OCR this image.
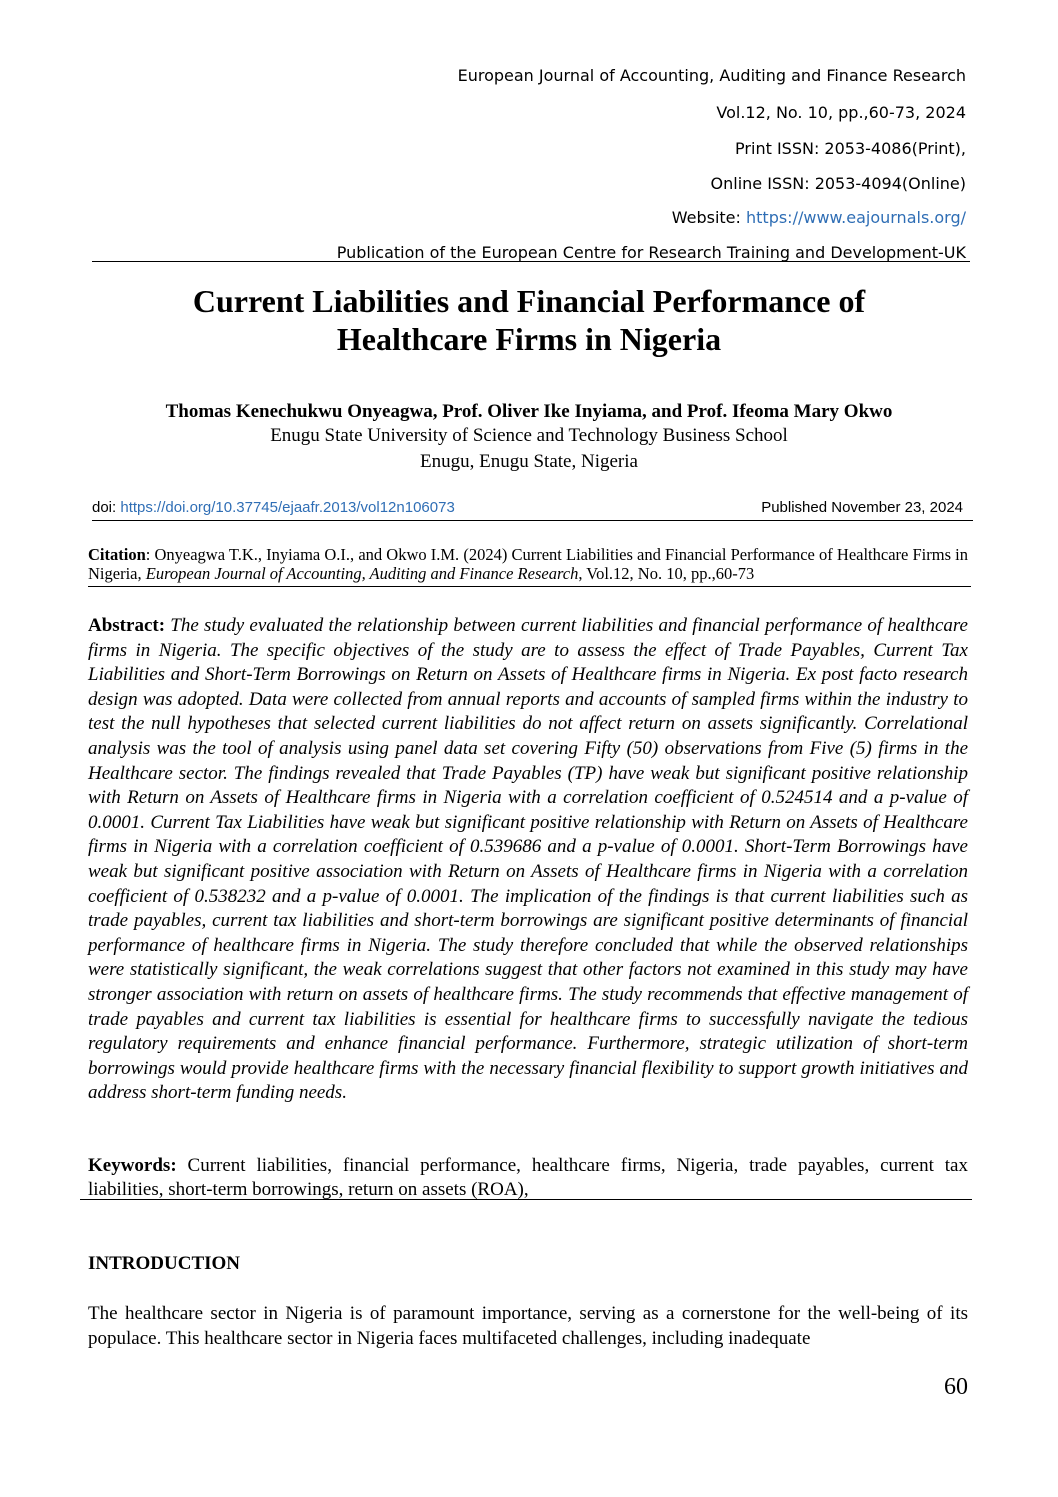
European Journal of Accounting, Auditing and Finance Research
Vol.12, No. 10, pp.,60-73, 2024
Print ISSN: 2053-4086(Print),
Online ISSN: 2053-4094(Online)
Website: https://www.eajournals.org/
Publication of the European Centre for Research Training and Development-UK
Current Liabilities and Financial Performance of
Healthcare Firms in Nigeria
Thomas Kenechukwu Onyeagwa, Prof. Oliver Ike Inyiama, and Prof. Ifeoma Mary Okwo
Enugu State University of Science and Technology Business School
Enugu, Enugu State, Nigeria
doi: https://doi.org/10.37745/ejaafr.2013/vol12n106073	Published November 23, 2024
Citation: Onyeagwa T.K., Inyiama O.I., and Okwo I.M. (2024) Current Liabilities and Financial Performance of Healthcare Firms in Nigeria, European Journal of Accounting, Auditing and Finance Research, Vol.12, No. 10, pp.,60-73
Abstract: The study evaluated the relationship between current liabilities and financial performance of healthcare firms in Nigeria. The specific objectives of the study are to assess the effect of Trade Payables, Current Tax Liabilities and Short-Term Borrowings on Return on Assets of Healthcare firms in Nigeria. Ex post facto research design was adopted. Data were collected from annual reports and accounts of sampled firms within the industry to test the null hypotheses that selected current liabilities do not affect return on assets significantly. Correlational analysis was the tool of analysis using panel data set covering Fifty (50) observations from Five (5) firms in the Healthcare sector. The findings revealed that Trade Payables (TP) have weak but significant positive relationship with Return on Assets of Healthcare firms in Nigeria with a correlation coefficient of 0.524514 and a p-value of 0.0001. Current Tax Liabilities have weak but significant positive relationship with Return on Assets of Healthcare firms in Nigeria with a correlation coefficient of 0.539686 and a p-value of 0.0001. Short-Term Borrowings have weak but significant positive association with Return on Assets of Healthcare firms in Nigeria with a correlation coefficient of 0.538232 and a p-value of 0.0001. The implication of the findings is that current liabilities such as trade payables, current tax liabilities and short-term borrowings are significant positive determinants of financial performance of healthcare firms in Nigeria. The study therefore concluded that while the observed relationships were statistically significant, the weak correlations suggest that other factors not examined in this study may have stronger association with return on assets of healthcare firms. The study recommends that effective management of trade payables and current tax liabilities is essential for healthcare firms to successfully navigate the tedious regulatory requirements and enhance financial performance. Furthermore, strategic utilization of short-term borrowings would provide healthcare firms with the necessary financial flexibility to support growth initiatives and address short-term funding needs.
Keywords: Current liabilities, financial performance, healthcare firms, Nigeria, trade payables, current tax liabilities, short-term borrowings, return on assets (ROA),
INTRODUCTION
The healthcare sector in Nigeria is of paramount importance, serving as a cornerstone for the well-being of its populace. This healthcare sector in Nigeria faces multifaceted challenges, including inadequate
60
